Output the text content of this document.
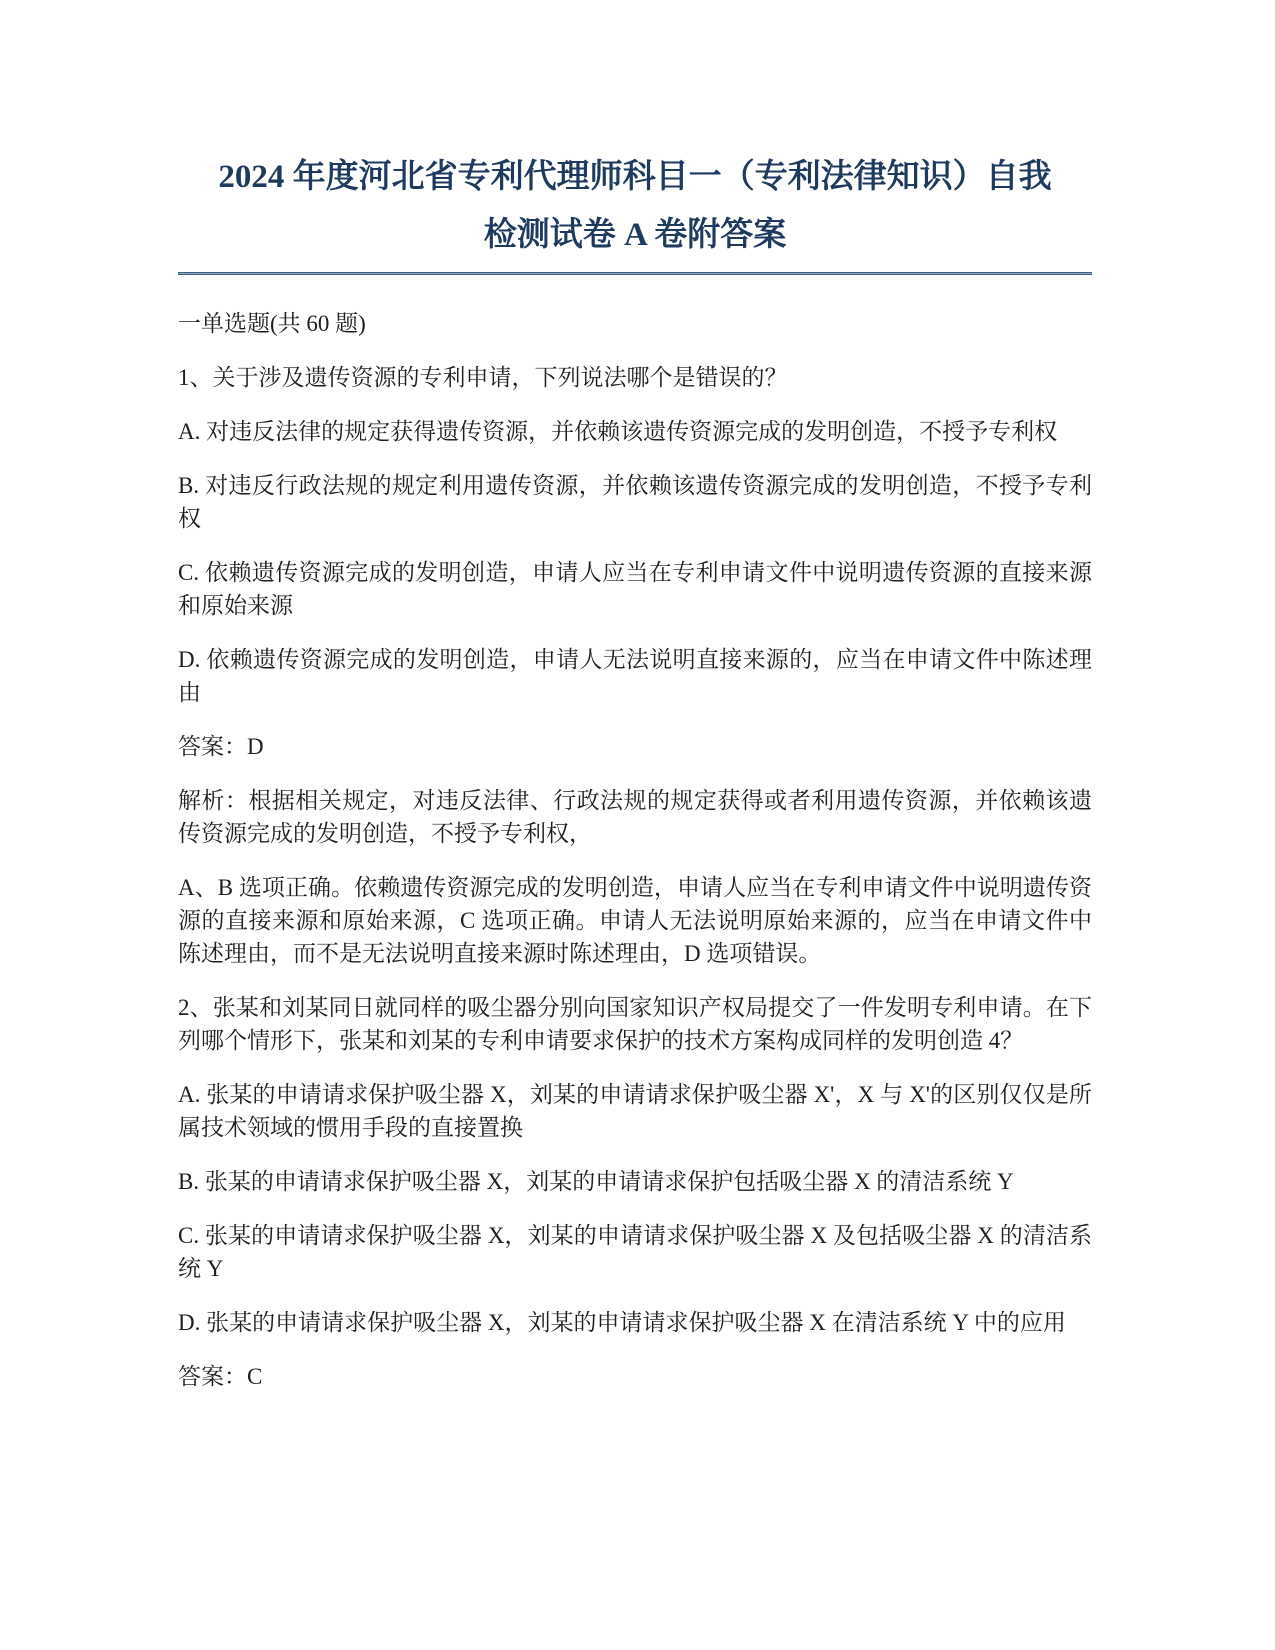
2024 年度河北省专利代理师科目一（专利法律知识）自我
检测试卷 A 卷附答案

一单选题(共 60 题)

1、关于涉及遗传资源的专利申请，下列说法哪个是错误的？

A. 对违反法律的规定获得遗传资源，并依赖该遗传资源完成的发明创造，不授予专利权

B. 对违反行政法规的规定利用遗传资源，并依赖该遗传资源完成的发明创造，不授予专利权

C. 依赖遗传资源完成的发明创造，申请人应当在专利申请文件中说明遗传资源的直接来源和原始来源

D. 依赖遗传资源完成的发明创造，申请人无法说明直接来源的，应当在申请文件中陈述理由

答案：D

解析：根据相关规定，对违反法律、行政法规的规定获得或者利用遗传资源，并依赖该遗传资源完成的发明创造，不授予专利权，

A、B 选项正确。依赖遗传资源完成的发明创造，申请人应当在专利申请文件中说明遗传资源的直接来源和原始来源，C 选项正确。申请人无法说明原始来源的，应当在申请文件中陈述理由，而不是无法说明直接来源时陈述理由，D 选项错误。

2、张某和刘某同日就同样的吸尘器分别向国家知识产权局提交了一件发明专利申请。在下列哪个情形下，张某和刘某的专利申请要求保护的技术方案构成同样的发明创造 4？

A. 张某的申请请求保护吸尘器 X，刘某的申请请求保护吸尘器 X'，X 与 X'的区别仅仅是所属技术领域的惯用手段的直接置换

B. 张某的申请请求保护吸尘器 X，刘某的申请请求保护包括吸尘器 X 的清洁系统 Y

C. 张某的申请请求保护吸尘器 X，刘某的申请请求保护吸尘器 X 及包括吸尘器 X 的清洁系统 Y

D. 张某的申请请求保护吸尘器 X，刘某的申请请求保护吸尘器 X 在清洁系统 Y 中的应用

答案：C
